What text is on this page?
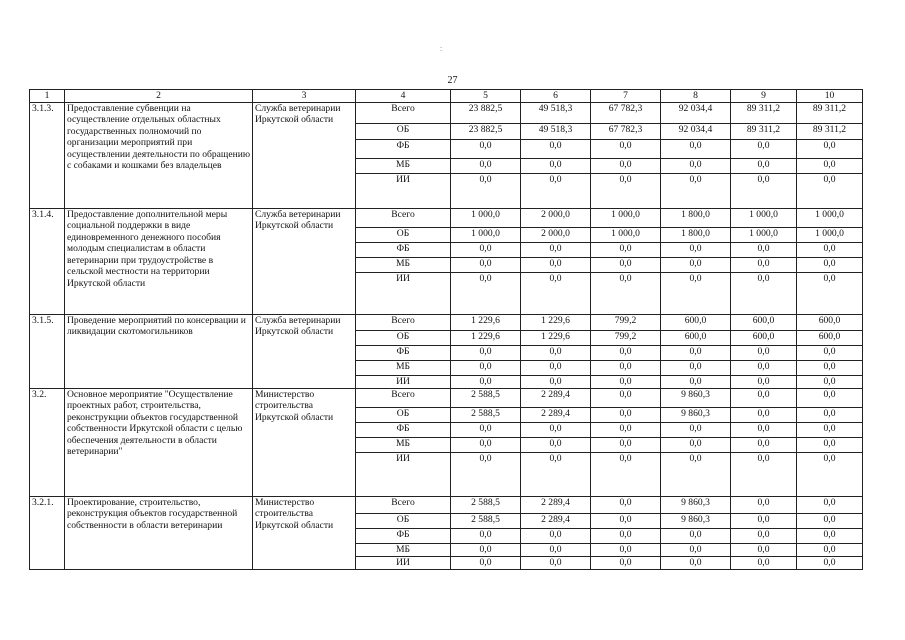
27
1	2	3	4	5	6	7	8	9	10
3.1.3.	Предоставление субвенции на осуществление отдельных областных государственных полномочий по организации мероприятий при осуществлении деятельности по обращению с собаками и кошками без владельцев	Служба ветеринарии Иркутской области	Всего	23 882,5	49 518,3	67 782,3	92 034,4	89 311,2	89 311,2
			ОБ	23 882,5	49 518,3	67 782,3	92 034,4	89 311,2	89 311,2
			ФБ	0,0	0,0	0,0	0,0	0,0	0,0
			МБ	0,0	0,0	0,0	0,0	0,0	0,0
			ИИ	0,0	0,0	0,0	0,0	0,0	0,0
3.1.4.	Предоставление дополнительной меры социальной поддержки в виде единовременного денежного пособия молодым специалистам в области ветеринарии при трудоустройстве в сельской местности на территории Иркутской области	Служба ветеринарии Иркутской области	Всего	1 000,0	2 000,0	1 000,0	1 800,0	1 000,0	1 000,0
			ОБ	1 000,0	2 000,0	1 000,0	1 800,0	1 000,0	1 000,0
			ФБ	0,0	0,0	0,0	0,0	0,0	0,0
			МБ	0,0	0,0	0,0	0,0	0,0	0,0
			ИИ	0,0	0,0	0,0	0,0	0,0	0,0
3.1.5.	Проведение мероприятий по консервации и ликвидации скотомогильников	Служба ветеринарии Иркутской области	Всего	1 229,6	1 229,6	799,2	600,0	600,0	600,0
			ОБ	1 229,6	1 229,6	799,2	600,0	600,0	600,0
			ФБ	0,0	0,0	0,0	0,0	0,0	0,0
			МБ	0,0	0,0	0,0	0,0	0,0	0,0
			ИИ	0,0	0,0	0,0	0,0	0,0	0,0
3.2.	Основное мероприятие "Осуществление проектных работ, строительства, реконструкции объектов государственной собственности Иркутской области с целью обеспечения деятельности в области ветеринарии"	Министерство строительства Иркутской области	Всего	2 588,5	2 289,4	0,0	9 860,3	0,0	0,0
			ОБ	2 588,5	2 289,4	0,0	9 860,3	0,0	0,0
			ФБ	0,0	0,0	0,0	0,0	0,0	0,0
			МБ	0,0	0,0	0,0	0,0	0,0	0,0
			ИИ	0,0	0,0	0,0	0,0	0,0	0,0
3.2.1.	Проектирование, строительство, реконструкция объектов государственной собственности в области ветеринарии	Министерство строительства Иркутской области	Всего	2 588,5	2 289,4	0,0	9 860,3	0,0	0,0
			ОБ	2 588,5	2 289,4	0,0	9 860,3	0,0	0,0
			ФБ	0,0	0,0	0,0	0,0	0,0	0,0
			МБ	0,0	0,0	0,0	0,0	0,0	0,0
			ИИ	0,0	0,0	0,0	0,0	0,0	0,0
:
